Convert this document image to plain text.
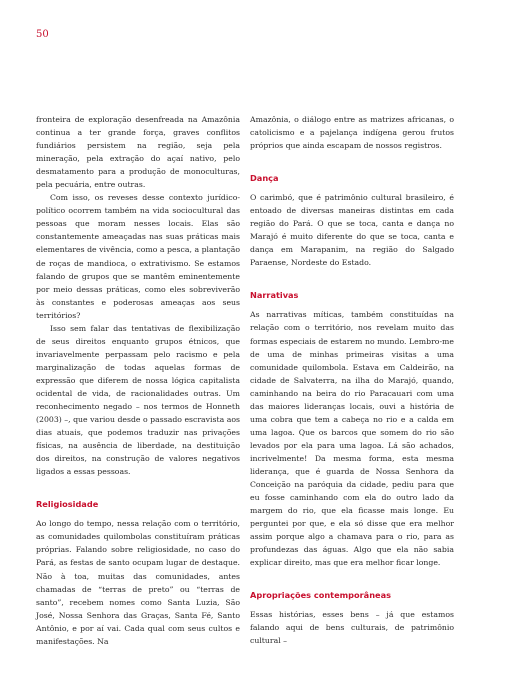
50

fronteira de exploração desenfreada na Amazônia continua a ter grande força, graves conflitos fundiários persistem na região, seja pela mineração, pela extração do açaí nativo, pelo desmatamento para a produção de monoculturas, pela pecuária, entre outras.

Com isso, os reveses desse contexto jurídico-político ocorrem também na vida sociocultural das pessoas que moram nesses locais. Elas são constantemente ameaçadas nas suas práticas mais elementares de vivência, como a pesca, a plantação de roças de mandioca, o extrativismo. Se estamos falando de grupos que se mantêm eminentemente por meio dessas práticas, como eles sobreviverão às constantes e poderosas ameaças aos seus territórios?

Isso sem falar das tentativas de flexibilização de seus direitos enquanto grupos étnicos, que invariavelmente perpassam pelo racismo e pela marginalização de todas aquelas formas de expressão que diferem de nossa lógica capitalista ocidental de vida, de racionalidades outras. Um reconhecimento negado – nos termos de Honneth (2003) –, que variou desde o passado escravista aos dias atuais, que podemos traduzir nas privações físicas, na ausência de liberdade, na destituição dos direitos, na construção de valores negativos ligados a essas pessoas.

Religiosidade

Ao longo do tempo, nessa relação com o território, as comunidades quilombolas constituíram práticas próprias. Falando sobre religiosidade, no caso do Pará, as festas de santo ocupam lugar de destaque. Não à toa, muitas das comunidades, antes chamadas de “terras de preto” ou “terras de santo”, recebem nomes como Santa Luzia, São José, Nossa Senhora das Graças, Santa Fé, Santo Antônio, e por aí vai. Cada qual com seus cultos e manifestações. Na

Amazônia, o diálogo entre as matrizes africanas, o catolicismo e a pajelança indígena gerou frutos próprios que ainda escapam de nossos registros.

Dança

O carimbó, que é patrimônio cultural brasileiro, é entoado de diversas maneiras distintas em cada região do Pará. O que se toca, canta e dança no Marajó é muito diferente do que se toca, canta e dança em Marapanim, na região do Salgado Paraense, Nordeste do Estado.

Narrativas

As narrativas míticas, também constituídas na relação com o território, nos revelam muito das formas especiais de estarem no mundo. Lembro-me de uma de minhas primeiras visitas a uma comunidade quilombola. Estava em Caldeirão, na cidade de Salvaterra, na ilha do Marajó, quando, caminhando na beira do rio Paracauari com uma das maiores lideranças locais, ouvi a história de uma cobra que tem a cabeça no rio e a calda em uma lagoa. Que os barcos que somem do rio são levados por ela para uma lagoa. Lá são achados, incrivelmente! Da mesma forma, esta mesma liderança, que é guarda de Nossa Senhora da Conceição na paróquia da cidade, pediu para que eu fosse caminhando com ela do outro lado da margem do rio, que ela ficasse mais longe. Eu perguntei por que, e ela só disse que era melhor assim porque algo a chamava para o rio, para as profundezas das águas. Algo que ela não sabia explicar direito, mas que era melhor ficar longe.

Apropriações contemporâneas

Essas histórias, esses bens – já que estamos falando aqui de bens culturais, de patrimônio cultural –
